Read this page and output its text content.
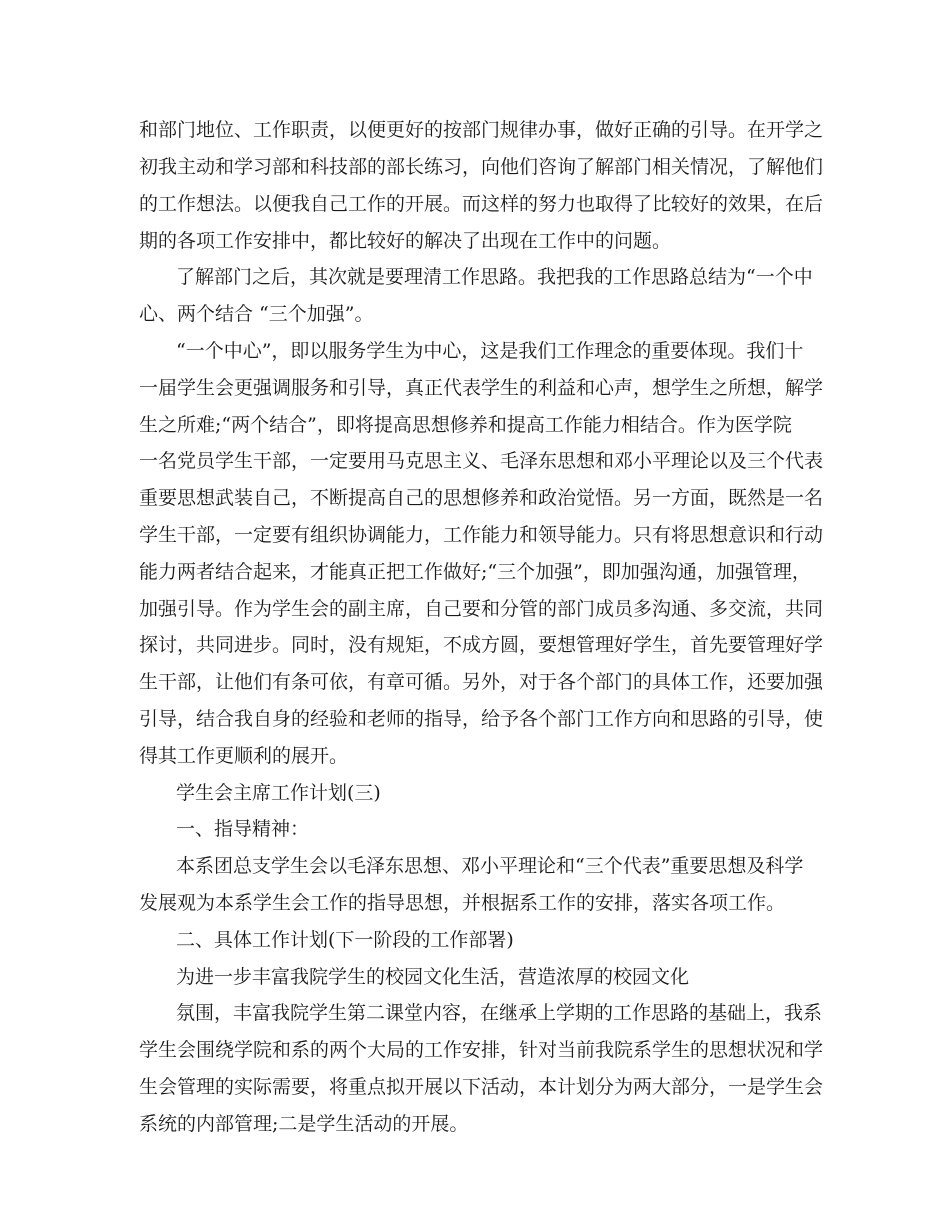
和部门地位、工作职责，以便更好的按部门规律办事，做好正确的引导。在开学之

初我主动和学习部和科技部的部长练习，向他们咨询了解部门相关情况，了解他们

的工作想法。以便我自己工作的开展。而这样的努力也取得了比较好的效果，在后

期的各项工作安排中，都比较好的解决了出现在工作中的问题。

了解部门之后，其次就是要理清工作思路。我把我的工作思路总结为“一个中

心、两个结合 “三个加强”。

“一个中心”，即以服务学生为中心，这是我们工作理念的重要体现。我们十

一届学生会更强调服务和引导，真正代表学生的利益和心声，想学生之所想，解学

生之所难;“两个结合”，即将提高思想修养和提高工作能力相结合。作为医学院

一名党员学生干部，一定要用马克思主义、毛泽东思想和邓小平理论以及三个代表

重要思想武装自己，不断提高自己的思想修养和政治觉悟。另一方面，既然是一名

学生干部，一定要有组织协调能力，工作能力和领导能力。只有将思想意识和行动

能力两者结合起来，才能真正把工作做好;“三个加强”，即加强沟通，加强管理，

加强引导。作为学生会的副主席，自己要和分管的部门成员多沟通、多交流，共同

探讨，共同进步。同时，没有规矩，不成方圆，要想管理好学生，首先要管理好学

生干部，让他们有条可依，有章可循。另外，对于各个部门的具体工作，还要加强

引导，结合我自身的经验和老师的指导，给予各个部门工作方向和思路的引导，使

得其工作更顺利的展开。

学生会主席工作计划(三)

一、指导精神：

本系团总支学生会以毛泽东思想、邓小平理论和“三个代表”重要思想及科学

发展观为本系学生会工作的指导思想，并根据系工作的安排，落实各项工作。

二、具体工作计划(下一阶段的工作部署)

为进一步丰富我院学生的校园文化生活，营造浓厚的校园文化

氛围，丰富我院学生第二课堂内容，在继承上学期的工作思路的基础上，我系

学生会围绕学院和系的两个大局的工作安排，针对当前我院系学生的思想状况和学

生会管理的实际需要，将重点拟开展以下活动，本计划分为两大部分，一是学生会

系统的内部管理;二是学生活动的开展。
